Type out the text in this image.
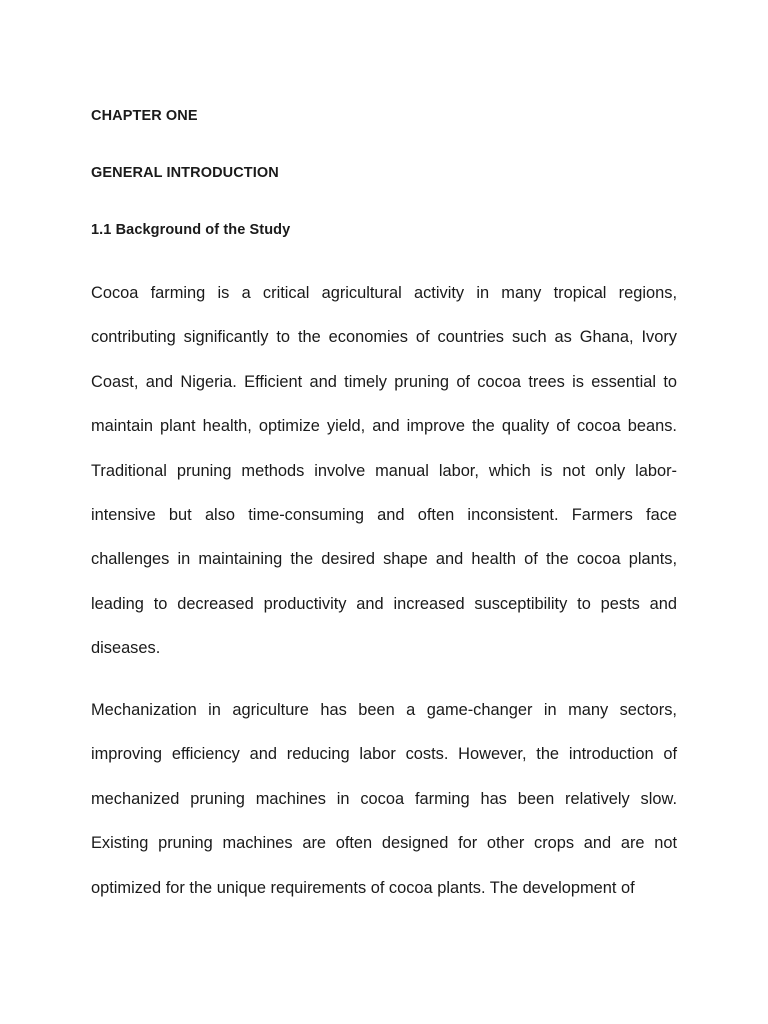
CHAPTER ONE
GENERAL INTRODUCTION
1.1 Background of the Study

Cocoa farming is a critical agricultural activity in many tropical regions, contributing significantly to the economies of countries such as Ghana, Ivory Coast, and Nigeria. Efficient and timely pruning of cocoa trees is essential to maintain plant health, optimize yield, and improve the quality of cocoa beans. Traditional pruning methods involve manual labor, which is not only labor-intensive but also time-consuming and often inconsistent. Farmers face challenges in maintaining the desired shape and health of the cocoa plants, leading to decreased productivity and increased susceptibility to pests and diseases.

Mechanization in agriculture has been a game-changer in many sectors, improving efficiency and reducing labor costs. However, the introduction of mechanized pruning machines in cocoa farming has been relatively slow. Existing pruning machines are often designed for other crops and are not optimized for the unique requirements of cocoa plants. The development of
